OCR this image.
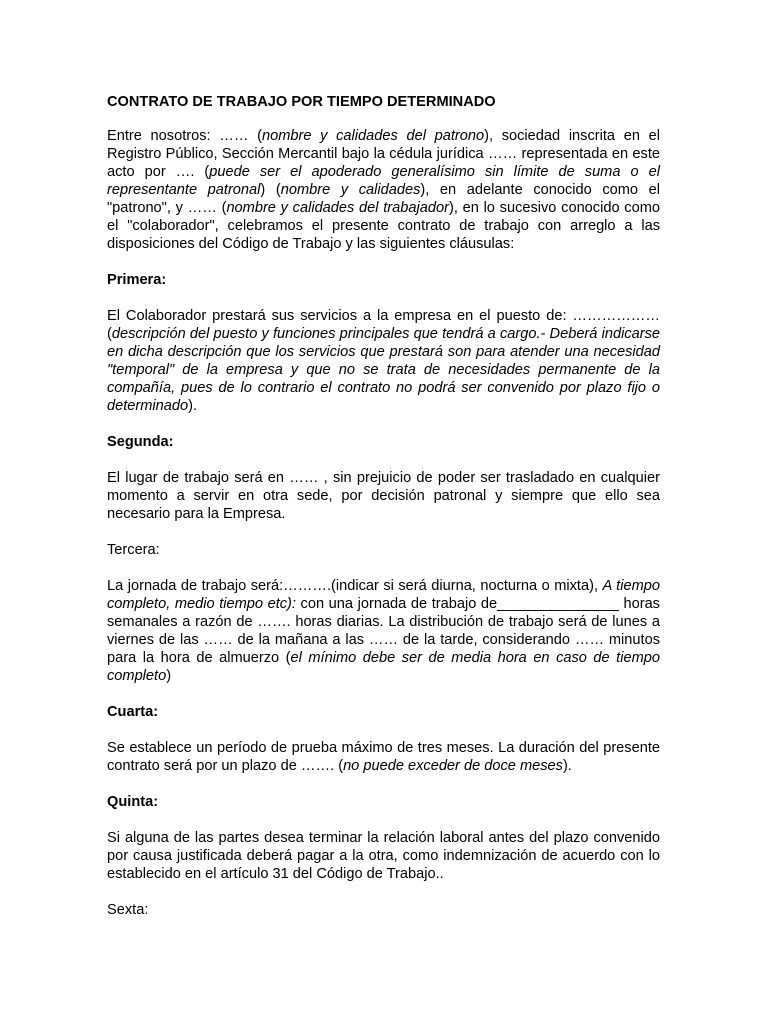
CONTRATO DE TRABAJO POR TIEMPO DETERMINADO

Entre nosotros: …… (nombre y calidades del patrono), sociedad inscrita en el Registro Público, Sección Mercantil bajo la cédula jurídica …… representada en este acto por …. (puede ser el apoderado generalísimo sin límite de suma o el representante patronal) (nombre y calidades), en adelante conocido como el "patrono", y …… (nombre y calidades del trabajador), en lo sucesivo conocido como el "colaborador", celebramos el presente contrato de trabajo con arreglo a las disposiciones del Código de Trabajo y las siguientes cláusulas:

Primera:

El Colaborador prestará sus servicios a la empresa en el puesto de: ……………… (descripción del puesto y funciones principales que tendrá a cargo.- Deberá indicarse en dicha descripción que los servicios que prestará son para atender una necesidad "temporal" de la empresa y que no se trata de necesidades permanente de la compañía, pues de lo contrario el contrato no podrá ser convenido por plazo fijo o determinado).

Segunda:

El lugar de trabajo será en …… , sin prejuicio de poder ser trasladado en cualquier momento a servir en otra sede, por decisión patronal y siempre que ello sea necesario para la Empresa.

Tercera:

La jornada de trabajo será:……….(indicar si será diurna, nocturna o mixta), A tiempo completo, medio tiempo etc): con una jornada de trabajo de_______________ horas semanales a razón de ……. horas diarias. La distribución de trabajo será de lunes a viernes de las …… de la mañana a las …… de la tarde, considerando …… minutos para la hora de almuerzo (el mínimo debe ser de media hora en caso de tiempo completo)

Cuarta:

Se establece un período de prueba máximo de tres meses. La duración del presente contrato será por un plazo de ……. (no puede exceder de doce meses).

Quinta:

Si alguna de las partes desea terminar la relación laboral antes del plazo convenido por causa justificada deberá pagar a la otra, como indemnización de acuerdo con lo establecido en el artículo 31 del Código de Trabajo..

Sexta:
